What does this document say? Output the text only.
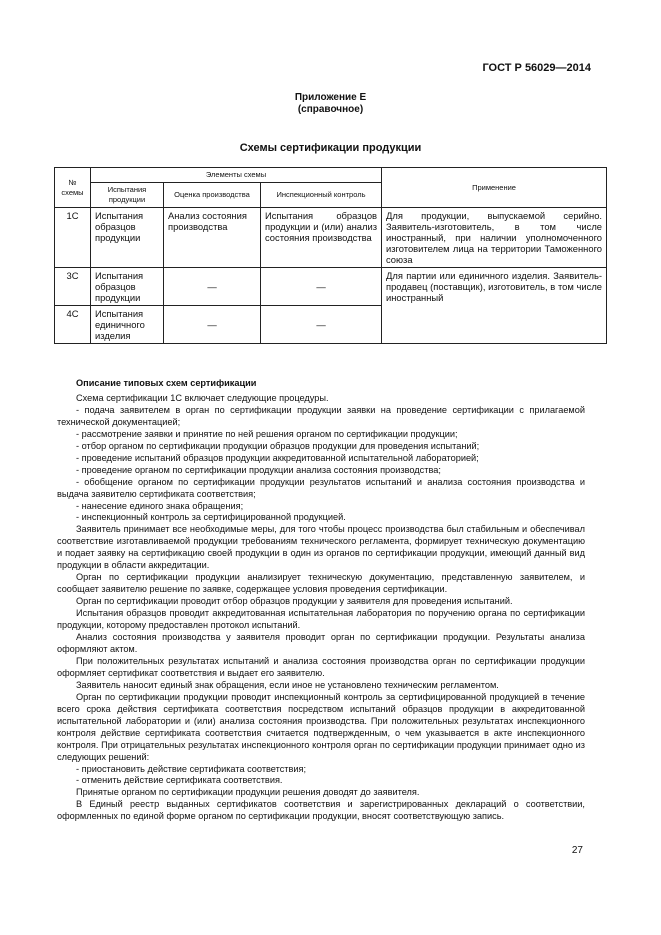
ГОСТ Р 56029—2014
Приложение Е
(справочное)
Схемы сертификации продукции
№ схемы	Элементы схемы			Применение
	Испытания продукции	Оценка производства	Инспекционный контроль	
1С	Испытания образцов продукции	Анализ состояния производства	Испытания образцов продукции и (или) анализ состояния производства	Для продукции, выпускаемой серийно. Заявитель-изготовитель, в том числе иностранный, при наличии уполномоченного изготовителем лица на территории Таможенного союза
3С	Испытания образцов продукции	—	—	Для партии или единичного изделия. Заявитель-продавец (поставщик), изготовитель, в том числе иностранный
4С	Испытания единичного изделия	—	—	

Описание типовых схем сертификации

Схема сертификации 1С включает следующие процедуры.

- подача заявителем в орган по сертификации продукции заявки на проведение сертификации с прилагаемой технической документацией;

- рассмотрение заявки и принятие по ней решения органом по сертификации продукции;

- отбор органом по сертификации продукции образцов продукции для проведения испытаний;

- проведение испытаний образцов продукции аккредитованной испытательной лабораторией;

- проведение органом по сертификации продукции анализа состояния производства;

- обобщение органом по сертификации продукции результатов испытаний и анализа состояния производства и выдача заявителю сертификата соответствия;

- нанесение единого знака обращения;

- инспекционный контроль за сертифицированной продукцией.

Заявитель принимает все необходимые меры, для того чтобы процесс производства был стабильным и обеспечивал соответствие изготавливаемой продукции требованиям технического регламента, формирует техническую документацию и подает заявку на сертификацию своей продукции в один из органов по сертификации продукции, имеющий данный вид продукции в области аккредитации.

Орган по сертификации продукции анализирует техническую документацию, представленную заявителем, и сообщает заявителю решение по заявке, содержащее условия проведения сертификации.

Орган по сертификации проводит отбор образцов продукции у заявителя для проведения испытаний.

Испытания образцов проводит аккредитованная испытательная лаборатория по поручению органа по сертификации продукции, которому предоставлен протокол испытаний.

Анализ состояния производства у заявителя проводит орган по сертификации продукции. Результаты анализа оформляют актом.

При положительных результатах испытаний и анализа состояния производства орган по сертификации продукции оформляет сертификат соответствия и выдает его заявителю.

Заявитель наносит единый знак обращения, если иное не установлено техническим регламентом.

Орган по сертификации продукции проводит инспекционный контроль за сертифицированной продукцией в течение всего срока действия сертификата соответствия посредством испытаний образцов продукции в аккредитованной испытательной лаборатории и (или) анализа состояния производства. При положительных результатах инспекционного контроля действие сертификата соответствия считается подтвержденным, о чем указывается в акте инспекционного контроля. При отрицательных результатах инспекционного контроля орган по сертификации продукции принимает одно из следующих решений:

- приостановить действие сертификата соответствия;

- отменить действие сертификата соответствия.

Принятые органом по сертификации продукции решения доводят до заявителя.

В Единый реестр выданных сертификатов соответствия и зарегистрированных деклараций о соответствии, оформленных по единой форме органом по сертификации продукции, вносят соответствующую запись.

27
